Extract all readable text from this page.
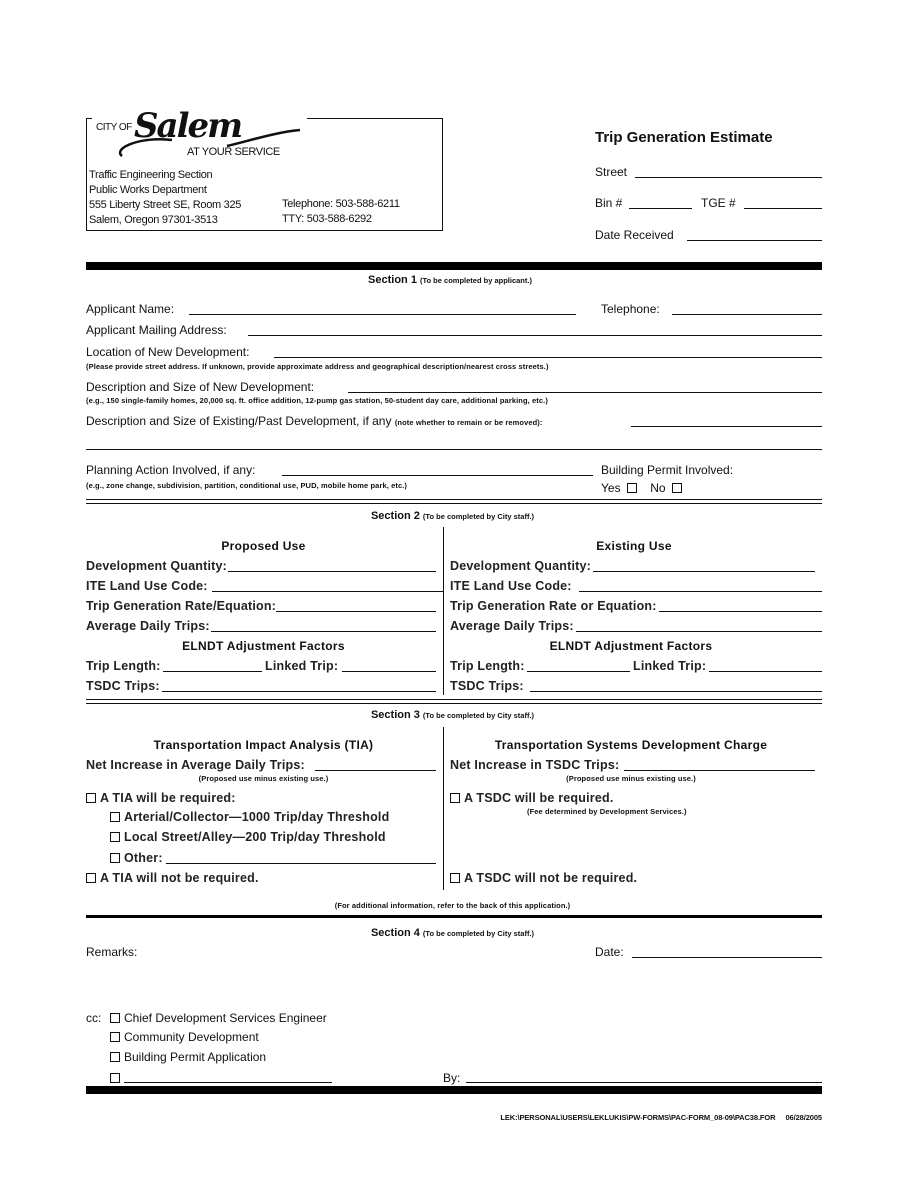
CITY OF Salem
AT YOUR SERVICE
Traffic Engineering Section
Public Works Department
555 Liberty Street SE, Room 325
Salem, Oregon 97301-3513
Telephone: 503-588-6211
TTY: 503-588-6292
Trip Generation Estimate
Street
Bin #	TGE #
Date Received
Section 1 (To be completed by applicant.)
Applicant Name:	Telephone:
Applicant Mailing Address:
Location of New Development:
(Please provide street address. If unknown, provide approximate address and geographical description/nearest cross streets.)
Description and Size of New Development:
(e.g., 150 single-family homes, 20,000 sq. ft. office addition, 12-pump gas station, 50-student day care, additional parking, etc.)
Description and Size of Existing/Past Development, if any (note whether to remain or be removed):
Planning Action Involved, if any:
(e.g., zone change, subdivision, partition, conditional use, PUD, mobile home park, etc.)
Building Permit Involved:
Yes No
Section 2 (To be completed by City staff.)
Proposed Use
Development Quantity:
ITE Land Use Code:
Trip Generation Rate/Equation:
Average Daily Trips:
ELNDT Adjustment Factors
Trip Length:	Linked Trip:
TSDC Trips:
Existing Use
Development Quantity:
ITE Land Use Code:
Trip Generation Rate or Equation:
Average Daily Trips:
ELNDT Adjustment Factors
Trip Length:	Linked Trip:
TSDC Trips:
Section 3 (To be completed by City staff.)
Transportation Impact Analysis (TIA)
Net Increase in Average Daily Trips:
(Proposed use minus existing use.)
A TIA will be required:
Arterial/Collector—1000 Trip/day Threshold
Local Street/Alley—200 Trip/day Threshold
Other:
A TIA will not be required.
Transportation Systems Development Charge
Net Increase in TSDC Trips:
(Proposed use minus existing use.)
A TSDC will be required.
(Fee determined by Development Services.)
A TSDC will not be required.
(For additional information, refer to the back of this application.)
Section 4 (To be completed by City staff.)
Remarks:	Date:
cc:	Chief Development Services Engineer
Community Development
Building Permit Application
By:
LEK:\PERSONAL\USERS\LEKLUKIS\PW-FORMS\PAC-FORM_08-09\PAC38.FOR 06/28/2005
